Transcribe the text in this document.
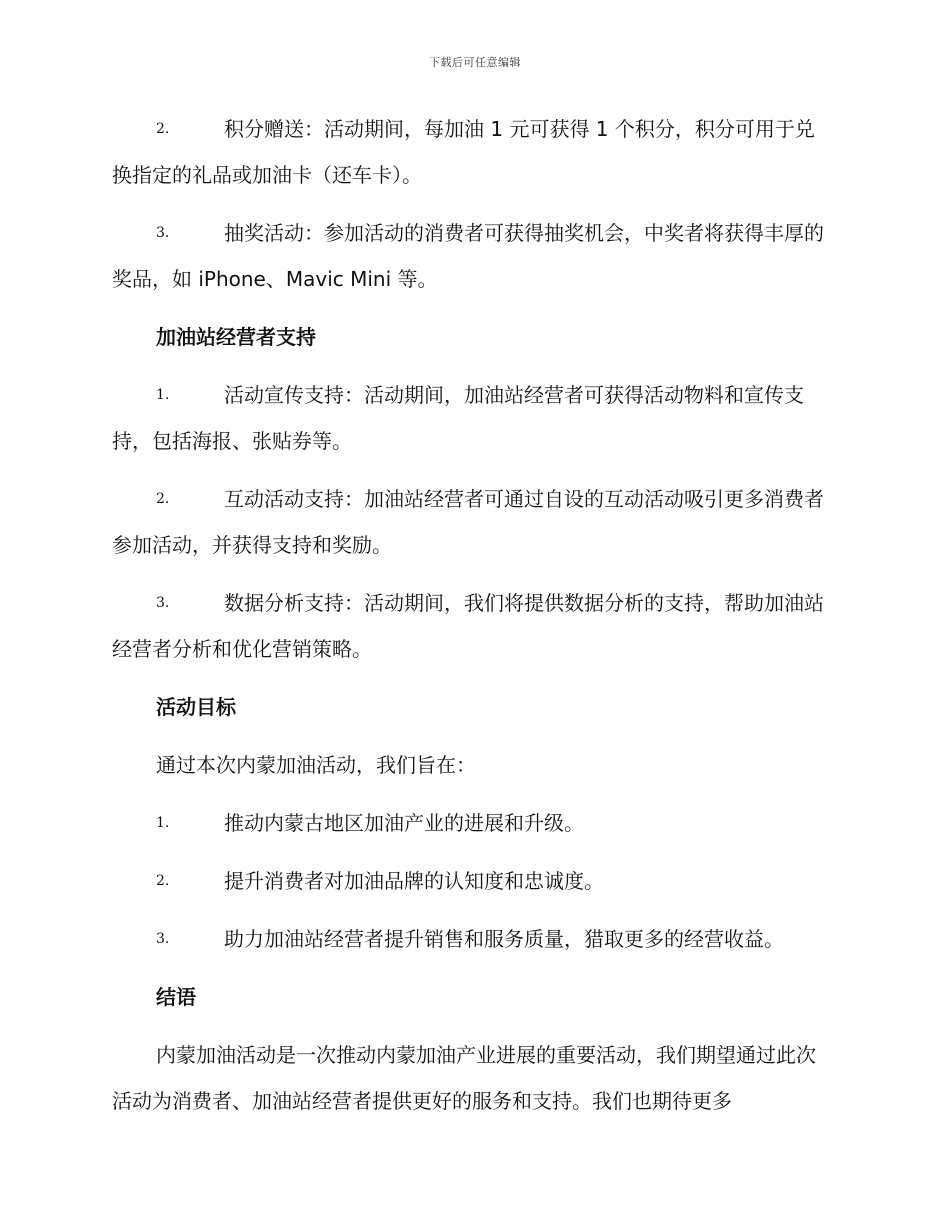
下载后可任意编辑
2.	积分赠送：活动期间，每加油 1 元可获得 1 个积分，积分可用于兑换指定的礼品或加油卡（还车卡）。
3.	抽奖活动：参加活动的消费者可获得抽奖机会，中奖者将获得丰厚的奖品，如 iPhone、Mavic Mini 等。
加油站经营者支持
1.	活动宣传支持：活动期间，加油站经营者可获得活动物料和宣传支持，包括海报、张贴券等。
2.	互动活动支持：加油站经营者可通过自设的互动活动吸引更多消费者参加活动，并获得支持和奖励。
3.	数据分析支持：活动期间，我们将提供数据分析的支持，帮助加油站经营者分析和优化营销策略。
活动目标
通过本次内蒙加油活动，我们旨在：
1.	推动内蒙古地区加油产业的进展和升级。
2.	提升消费者对加油品牌的认知度和忠诚度。
3.	助力加油站经营者提升销售和服务质量，猎取更多的经营收益。
结语
内蒙加油活动是一次推动内蒙加油产业进展的重要活动，我们期望通过此次活动为消费者、加油站经营者提供更好的服务和支持。我们也期待更多
